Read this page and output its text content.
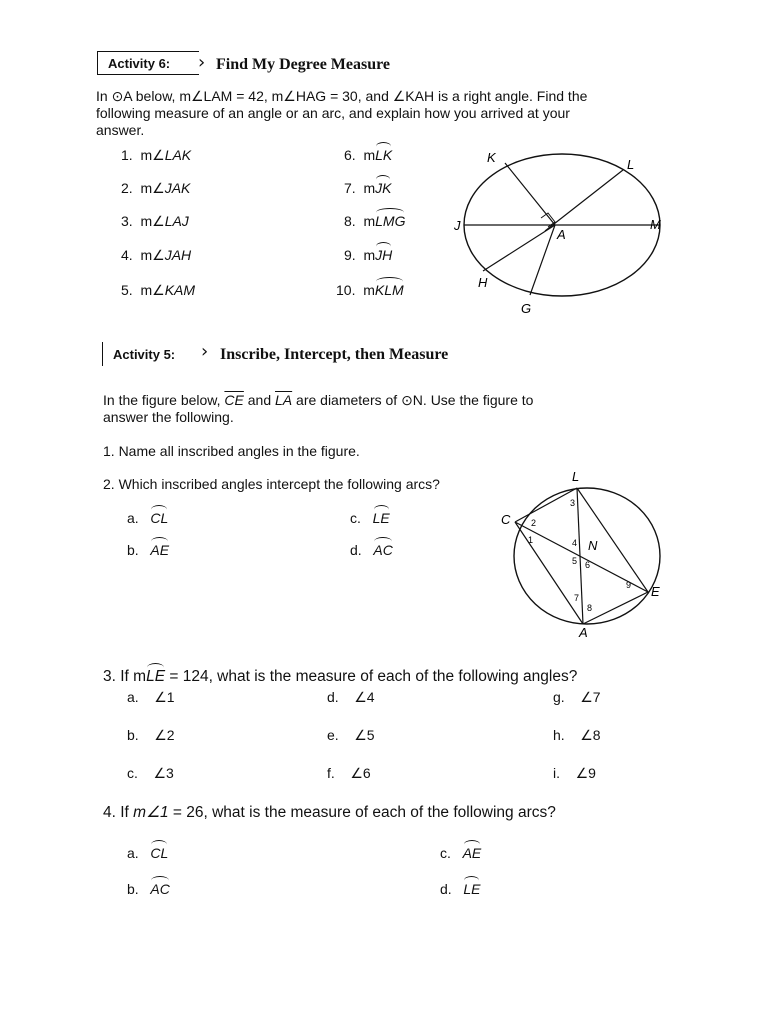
Activity 6: › Find My Degree Measure
In ⊙A below, m∠LAM = 42, m∠HAG = 30, and ∠KAH is a right angle. Find the
following measure of an angle or an arc, and explain how you arrived at your
answer.
1. m∠LAK
2. m∠JAK
3. m∠LAJ
4. m∠JAH
5. m∠KAM
6. mLK
7. mJK
8. mLMG
9. mJH
10. mKLM
K	L
J	M
A
H
G
Activity 5: › Inscribe, Intercept, then Measure
In the figure below, $\overline{CE}$ and $\overline{LA}$ are diameters of ⊙N. Use the figure to
answer the following.
1. Name all inscribed angles in the figure.
2. Which inscribed angles intercept the following arcs?
a. CL
b. AE
c. LE
d. AC
L
C
N
E
A
1
2
3
4
5 6
7
8
9
3. If mLE = 124, what is the measure of each of the following angles?
a. ∠1
b. ∠2
c. ∠3
d. ∠4
e. ∠5
f. ∠6
g. ∠7
h. ∠8
i. ∠9
4. If m∠1 = 26, what is the measure of each of the following arcs?
a. CL
b. AC
c. AE
d. LE
